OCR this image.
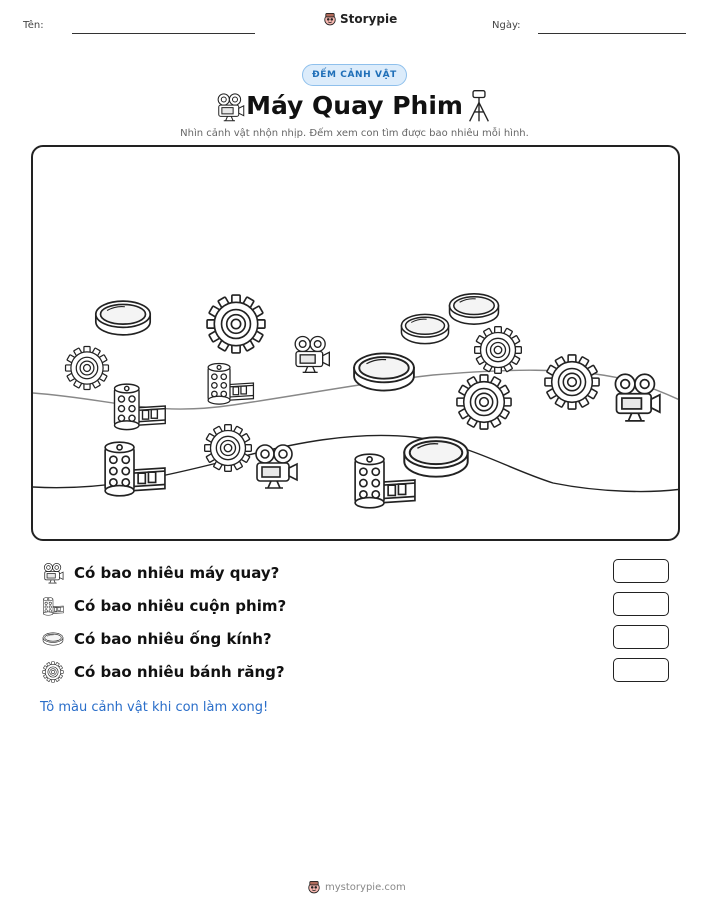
Tên:	Storypie	Ngày:
ĐẾM CẢNH VẬT
Máy Quay Phim
Nhìn cảnh vật nhộn nhịp. Đếm xem con tìm được bao nhiêu mỗi hình.
Có bao nhiêu máy quay?
Có bao nhiêu cuộn phim?
Có bao nhiêu ống kính?
Có bao nhiêu bánh răng?
Tô màu cảnh vật khi con làm xong!
mystorypie.com
